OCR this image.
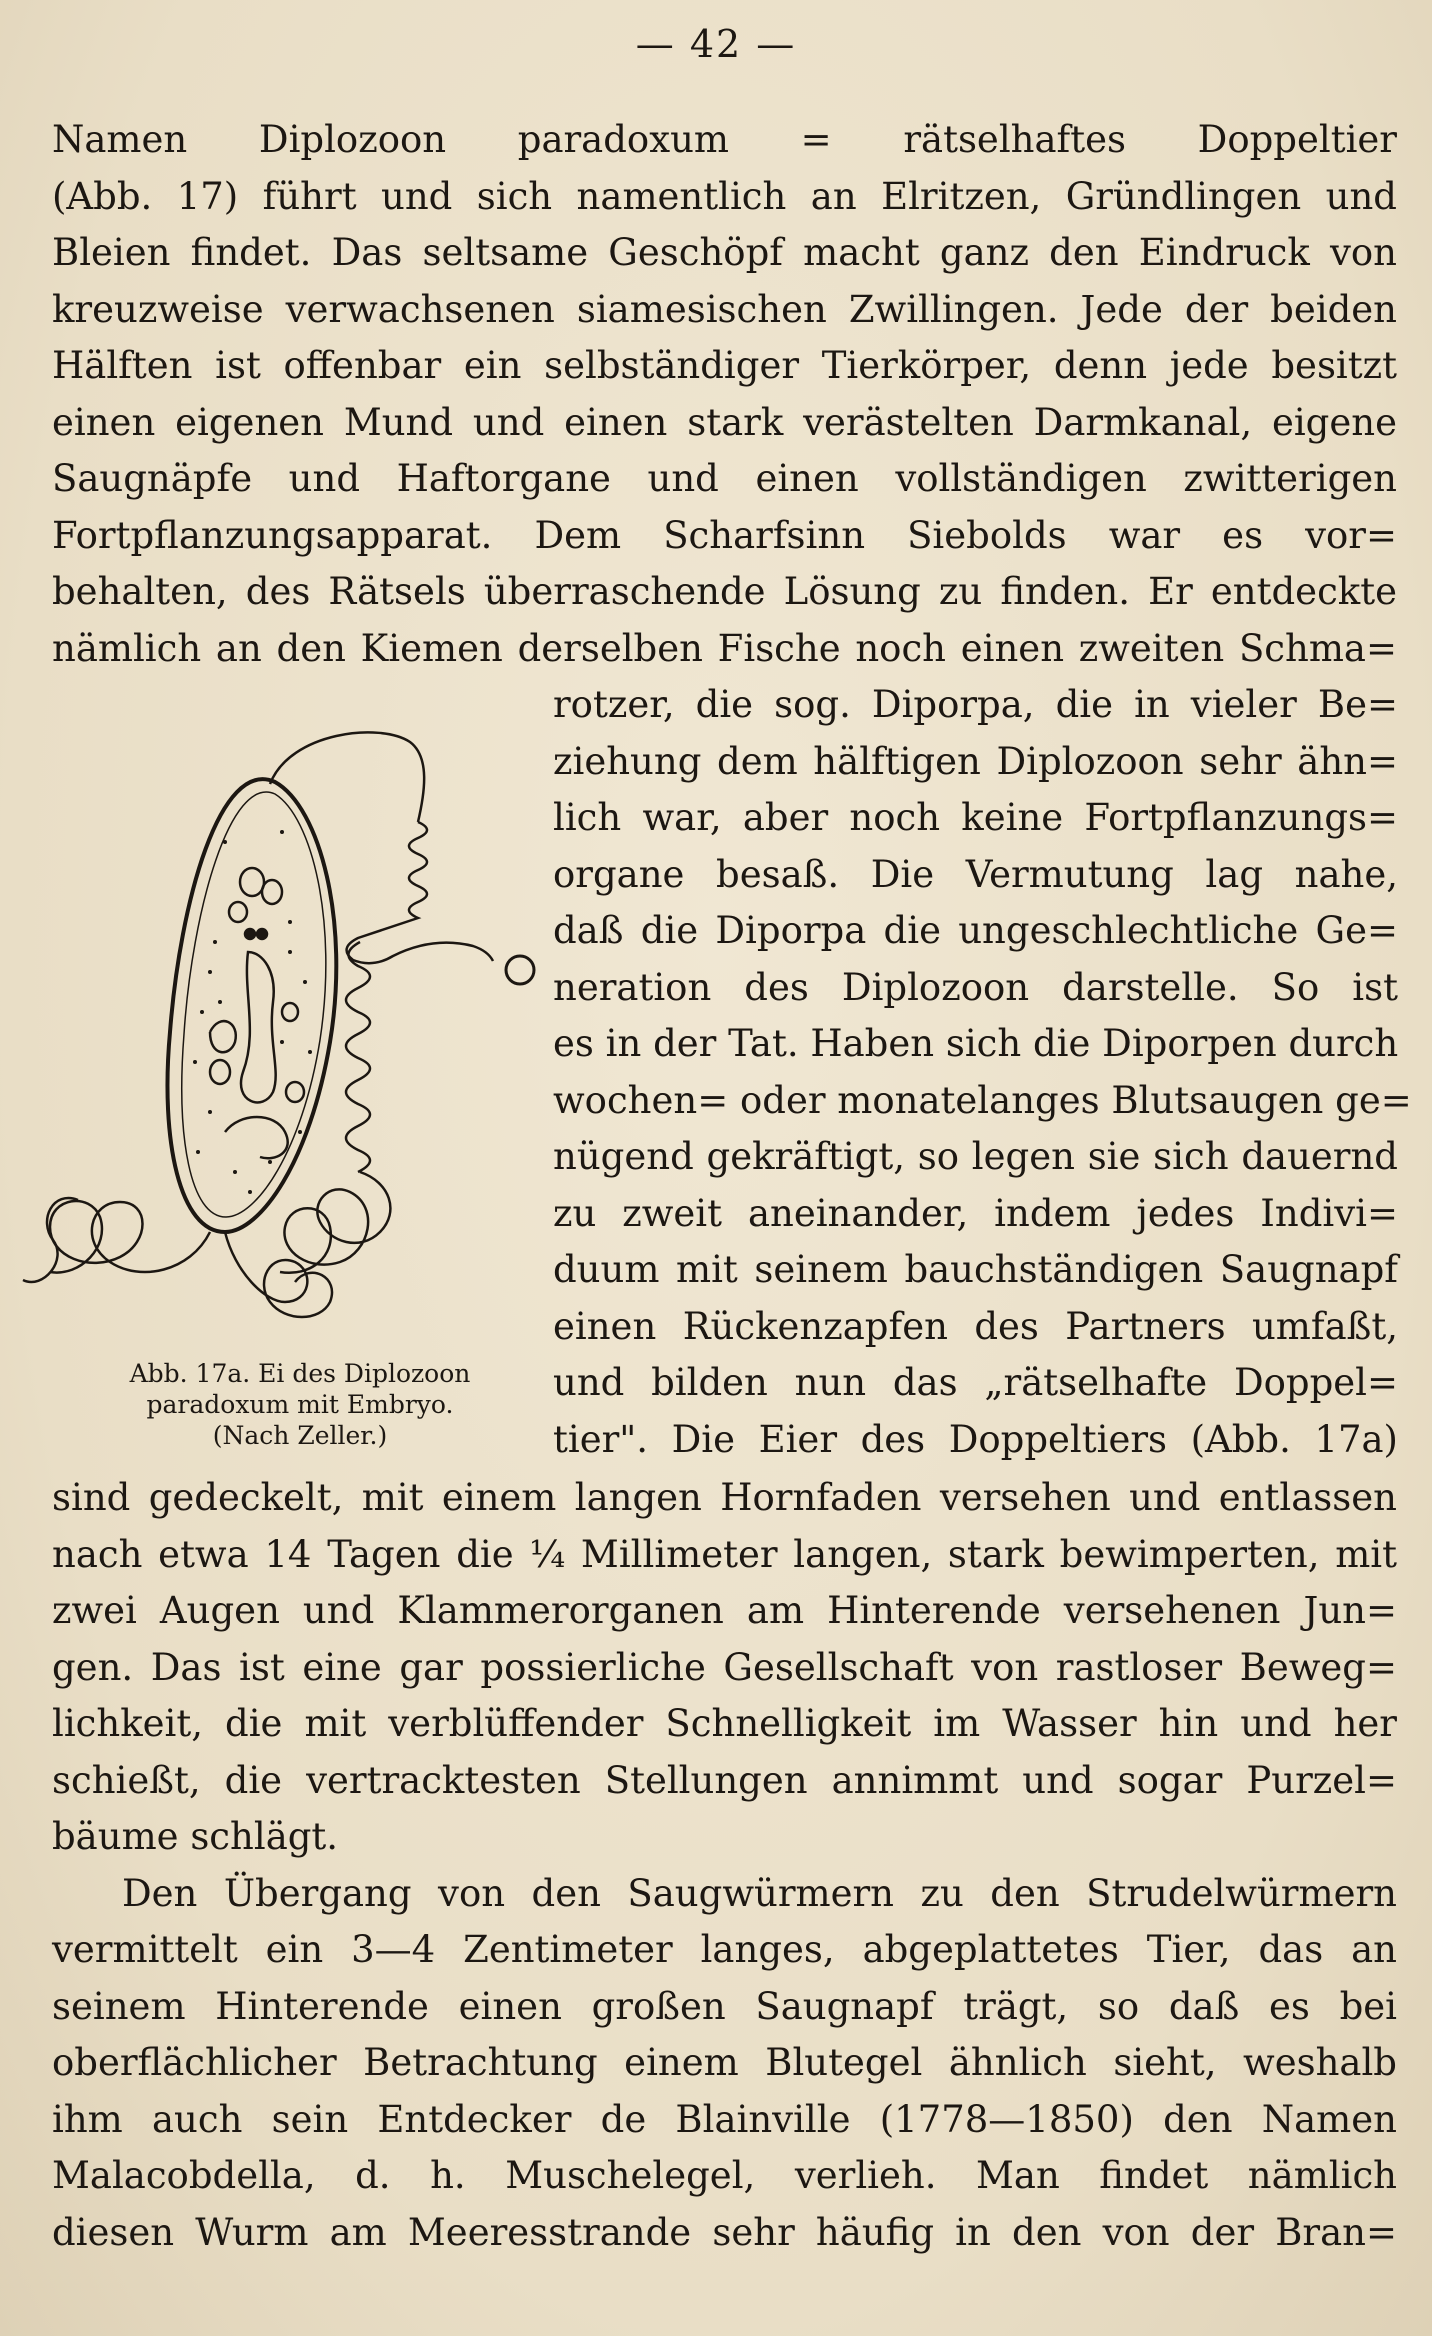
— 42 —
Namen Diplozoon paradoxum = rätselhaftes Doppeltier
(Abb. 17) führt und sich namentlich an Elritzen, Gründlingen und
Bleien findet. Das seltsame Geschöpf macht ganz den Eindruck von
kreuzweise verwachsenen siamesischen Zwillingen. Jede der beiden
Hälften ist offenbar ein selbständiger Tierkörper, denn jede besitzt
einen eigenen Mund und einen stark verästelten Darmkanal, eigene
Saugnäpfe und Haftorgane und einen vollständigen zwitterigen
Fortpflanzungsapparat. Dem Scharfsinn Siebolds war es vor=
behalten, des Rätsels überraschende Lösung zu finden. Er entdeckte
nämlich an den Kiemen derselben Fische noch einen zweiten Schma=
Abb. 17a. Ei des Diplozoon
paradoxum mit Embryo.
(Nach Zeller.)
rotzer, die sog. Diporpa, die in vieler Be=
ziehung dem hälftigen Diplozoon sehr ähn=
lich war, aber noch keine Fortpflanzungs=
organe besaß. Die Vermutung lag nahe,
daß die Diporpa die ungeschlechtliche Ge=
neration des Diplozoon darstelle. So ist
es in der Tat. Haben sich die Diporpen durch
wochen= oder monatelanges Blutsaugen ge=
nügend gekräftigt, so legen sie sich dauernd
zu zweit aneinander, indem jedes Indivi=
duum mit seinem bauchständigen Saugnapf
einen Rückenzapfen des Partners umfaßt,
und bilden nun das „rätselhafte Doppel=
tier". Die Eier des Doppeltiers (Abb. 17a)
sind gedeckelt, mit einem langen Hornfaden versehen und entlassen
nach etwa 14 Tagen die ¼ Millimeter langen, stark bewimperten, mit
zwei Augen und Klammerorganen am Hinterende versehenen Jun=
gen. Das ist eine gar possierliche Gesellschaft von rastloser Beweg=
lichkeit, die mit verblüffender Schnelligkeit im Wasser hin und her
schießt, die vertracktesten Stellungen annimmt und sogar Purzel=
bäume schlägt.
Den Übergang von den Saugwürmern zu den Strudelwürmern
vermittelt ein 3—4 Zentimeter langes, abgeplattetes Tier, das an
seinem Hinterende einen großen Saugnapf trägt, so daß es bei
oberflächlicher Betrachtung einem Blutegel ähnlich sieht, weshalb
ihm auch sein Entdecker de Blainville (1778—1850) den Namen
Malacobdella, d. h. Muschelegel, verlieh. Man findet nämlich
diesen Wurm am Meeresstrande sehr häufig in den von der Bran=
